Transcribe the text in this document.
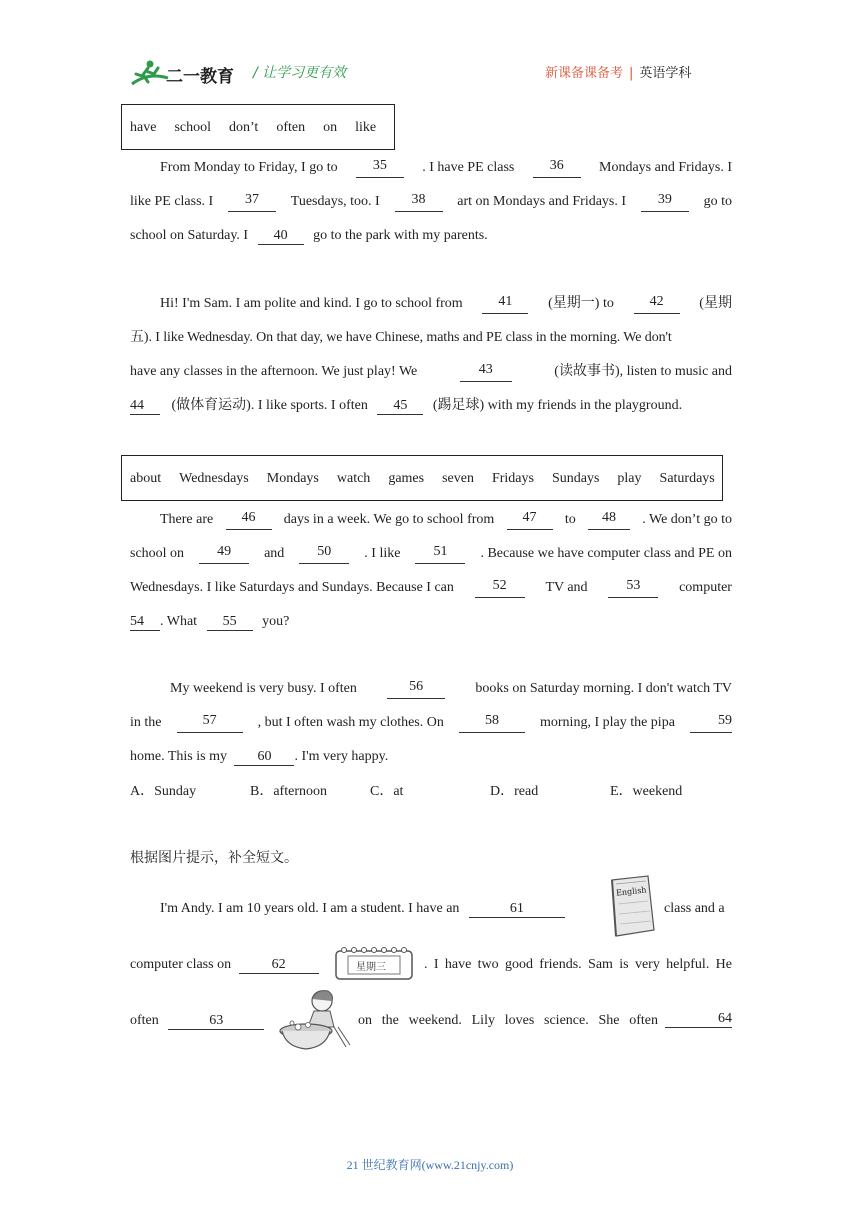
二一教育 / 让学习更有效	新课备课备考 | 英语学科
have school don’t often on like
From Monday to Friday, I go to	35	. I have PE class	36	Mondays and Fridays. I
like PE class. I	37	Tuesdays, too. I	38	art on Mondays and Fridays. I	39	go to
school on Saturday. I 40 go to the park with my parents.
Hi! I'm Sam. I am polite and kind. I go to school from	41	(星期一) to	42	(星期
五). I like Wednesday. On that day, we have Chinese, maths and PE class in the morning. We don't
have any classes in the afternoon. We just play! We	43	(读故事书), listen to music and
44 (做体育运动). I like sports. I often 45 (踢足球) with my friends in the playground.
about Wednesdays Mondays watch games seven Fridays Sundays play Saturdays
There are	46	days in a week. We go to school from	47	to	48	. We don’t go to
school on	49	and	50	. I like	51	. Because we have computer class and PE on
Wednesdays. I like Saturdays and Sundays. Because I can	52	TV and	53	computer
54 . What 55 you?
My weekend is very busy. I often	56	books on Saturday morning. I don't watch TV
in the	57	, but I often wash my clothes. On	58	morning, I play the pipa	59
home. This is my 60 . I'm very happy.
A．Sunday	B．afternoon	C．at	D．read	E．weekend
根据图片提示，补全短文。
I'm Andy. I am 10 years old. I am a student. I have an	61	class and a
computer class on	62	. I have two good friends. Sam is very helpful. He
often	63	on the weekend. Lily loves science. She often	64
English
星期三
21 世纪教育网(www.21cnjy.com)
